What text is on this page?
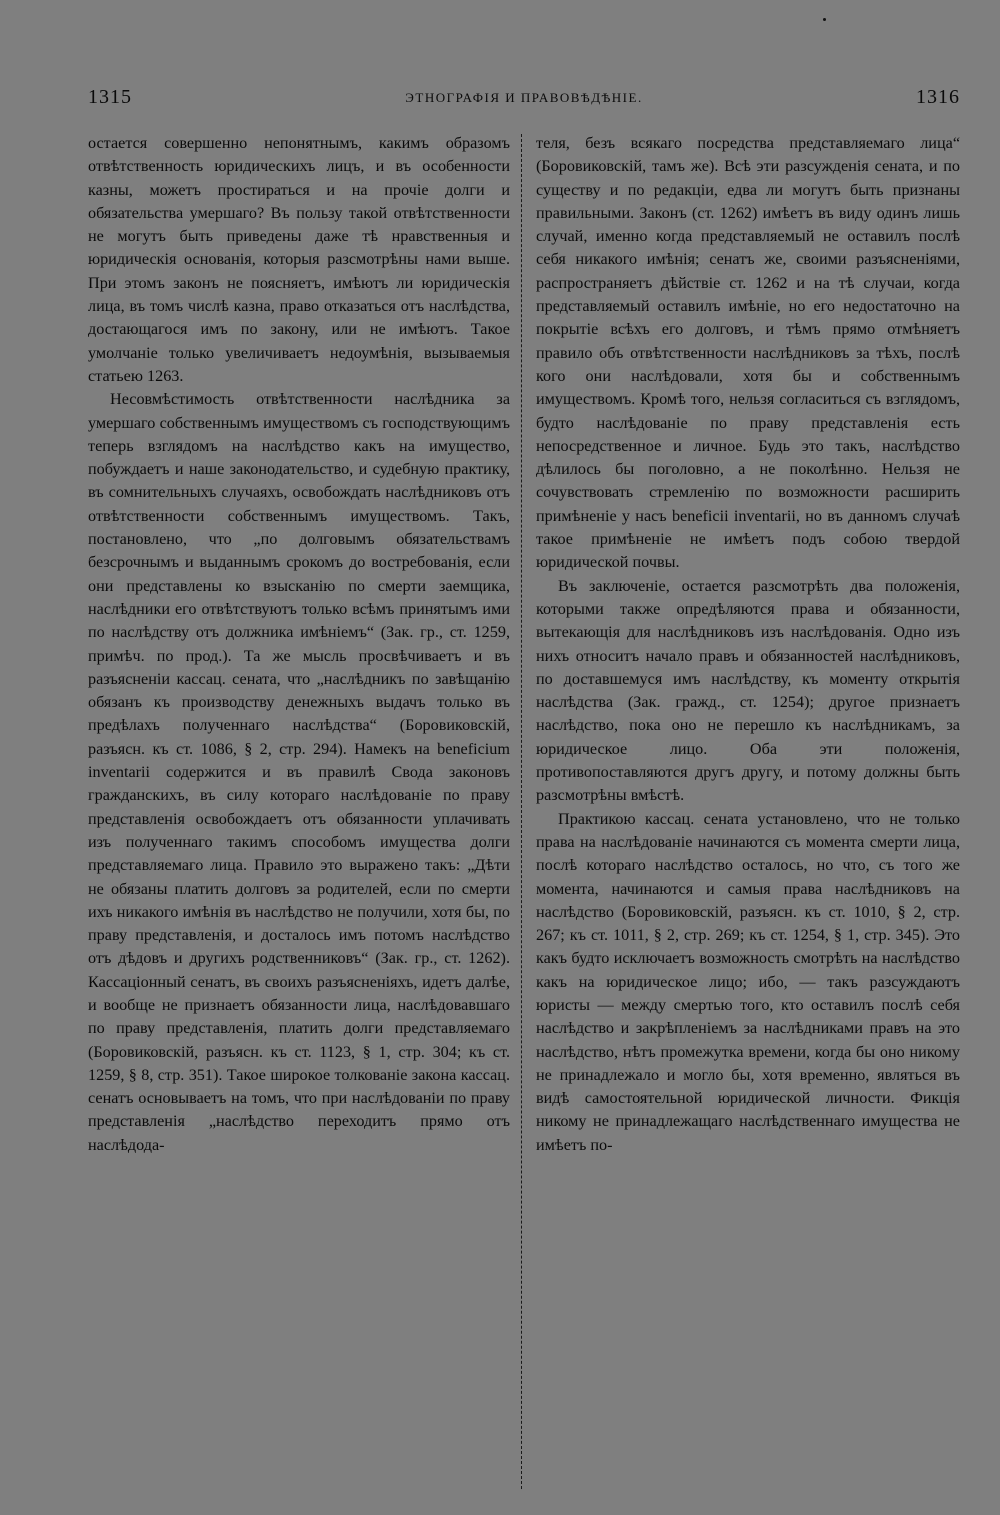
1315	ЭТНОГРАФІЯ И ПРАВОВѢДѢНІЕ.	1316

остается совершенно непонятнымъ, какимъ образомъ отвѣтственность юридическихъ лицъ, и въ особенности казны, можетъ простираться и на прочіе долги и обязательства умершаго? Въ пользу такой отвѣтственности не могутъ быть приведены даже тѣ нравственныя и юридическія основанія, которыя разсмотрѣны нами выше. При этомъ законъ не поясняетъ, имѣютъ ли юридическія лица, въ томъ числѣ казна, право отказаться отъ наслѣдства, достающагося имъ по закону, или не имѣютъ. Такое умолчаніе только увеличиваетъ недоумѣнія, вызываемыя статьею 1263.

Несовмѣстимость отвѣтственности наслѣдника за умершаго собственнымъ имуществомъ съ господствующимъ теперь взглядомъ на наслѣдство какъ на имущество, побуждаетъ и наше законодательство, и судебную практику, въ сомнительныхъ случаяхъ, освобождать наслѣдниковъ отъ отвѣтственности собственнымъ имуществомъ. Такъ, постановлено, что „по долговымъ обязательствамъ безсрочнымъ и выданнымъ срокомъ до востребованія, если они представлены ко взысканію по смерти заемщика, наслѣдники его отвѣтствуютъ только всѣмъ принятымъ ими по наслѣдству отъ должника имѣніемъ“ (Зак. гр., ст. 1259, примѣч. по прод.). Та же мысль просвѣчиваетъ и въ разъясненіи кассац. сената, что „наслѣдникъ по завѣщанію обязанъ къ производству денежныхъ выдачъ только въ предѣлахъ полученнаго наслѣдства“ (Боровиковскій, разъясн. къ ст. 1086, § 2, стр. 294). Намекъ на beneficium inventarii содержится и въ правилѣ Свода законовъ гражданскихъ, въ силу котораго наслѣдованіе по праву представленія освобождаетъ отъ обязанности уплачивать изъ полученнаго такимъ способомъ имущества долги представляемаго лица. Правило это выражено такъ: „Дѣти не обязаны платить долговъ за родителей, если по смерти ихъ никакого имѣнія въ наслѣдство не получили, хотя бы, по праву представленія, и досталось имъ потомъ наслѣдство отъ дѣдовъ и другихъ родственниковъ“ (Зак. гр., ст. 1262). Кассаціонный сенатъ, въ своихъ разъясненіяхъ, идетъ далѣе, и вообще не признаетъ обязанности лица, наслѣдовавшаго по праву представленія, платить долги представляемаго (Боровиковскій, разъясн. къ ст. 1123, § 1, стр. 304; къ ст. 1259, § 8, стр. 351). Такое широкое толкованіе закона кассац. сенатъ основываетъ на томъ, что при наслѣдованіи по праву представленія „наслѣдство переходитъ прямо отъ наслѣдода-

теля, безъ всякаго посредства представляемаго лица“ (Боровиковскій, тамъ же). Всѣ эти разсужденія сената, и по существу и по редакціи, едва ли могутъ быть признаны правильными. Законъ (ст. 1262) имѣетъ въ виду одинъ лишь случай, именно когда представляемый не оставилъ послѣ себя никакого имѣнія; сенатъ же, своими разъясненіями, распространяетъ дѣйствіе ст. 1262 и на тѣ случаи, когда представляемый оставилъ имѣніе, но его недостаточно на покрытіе всѣхъ его долговъ, и тѣмъ прямо отмѣняетъ правило объ отвѣтственности наслѣдниковъ за тѣхъ, послѣ кого они наслѣдовали, хотя бы и собственнымъ имуществомъ. Кромѣ того, нельзя согласиться съ взглядомъ, будто наслѣдованіе по праву представленія есть непосредственное и личное. Будь это такъ, наслѣдство дѣлилось бы поголовно, а не поколѣнно. Нельзя не сочувствовать стремленію по возможности расширить примѣненіе у насъ beneficii inventarii, но въ данномъ случаѣ такое примѣненіе не имѣетъ подъ собою твердой юридической почвы.

Въ заключеніе, остается разсмотрѣть два положенія, которыми также опредѣляются права и обязанности, вытекающія для наслѣдниковъ изъ наслѣдованія. Одно изъ нихъ относитъ начало правъ и обязанностей наслѣдниковъ, по доставшемуся имъ наслѣдству, къ моменту открытія наслѣдства (Зак. гражд., ст. 1254); другое признаетъ наслѣдство, пока оно не перешло къ наслѣдникамъ, за юридическое лицо. Оба эти положенія, противопоставляются другъ другу, и потому должны быть разсмотрѣны вмѣстѣ.

Практикою кассац. сената установлено, что не только права на наслѣдованіе начинаются съ момента смерти лица, послѣ котораго наслѣдство осталось, но что, съ того же момента, начинаются и самыя права наслѣдниковъ на наслѣдство (Боровиковскій, разъясн. къ ст. 1010, § 2, стр. 267; къ ст. 1011, § 2, стр. 269; къ ст. 1254, § 1, стр. 345). Это какъ будто исключаетъ возможность смотрѣть на наслѣдство какъ на юридическое лицо; ибо, — такъ разсуждаютъ юристы — между смертью того, кто оставилъ послѣ себя наслѣдство и закрѣпленіемъ за наслѣдниками правъ на это наслѣдство, нѣтъ промежутка времени, когда бы оно никому не принадлежало и могло бы, хотя временно, являться въ видѣ самостоятельной юридической личности. Фикція никому не принадлежащаго наслѣдственнаго имущества не имѣетъ по-
